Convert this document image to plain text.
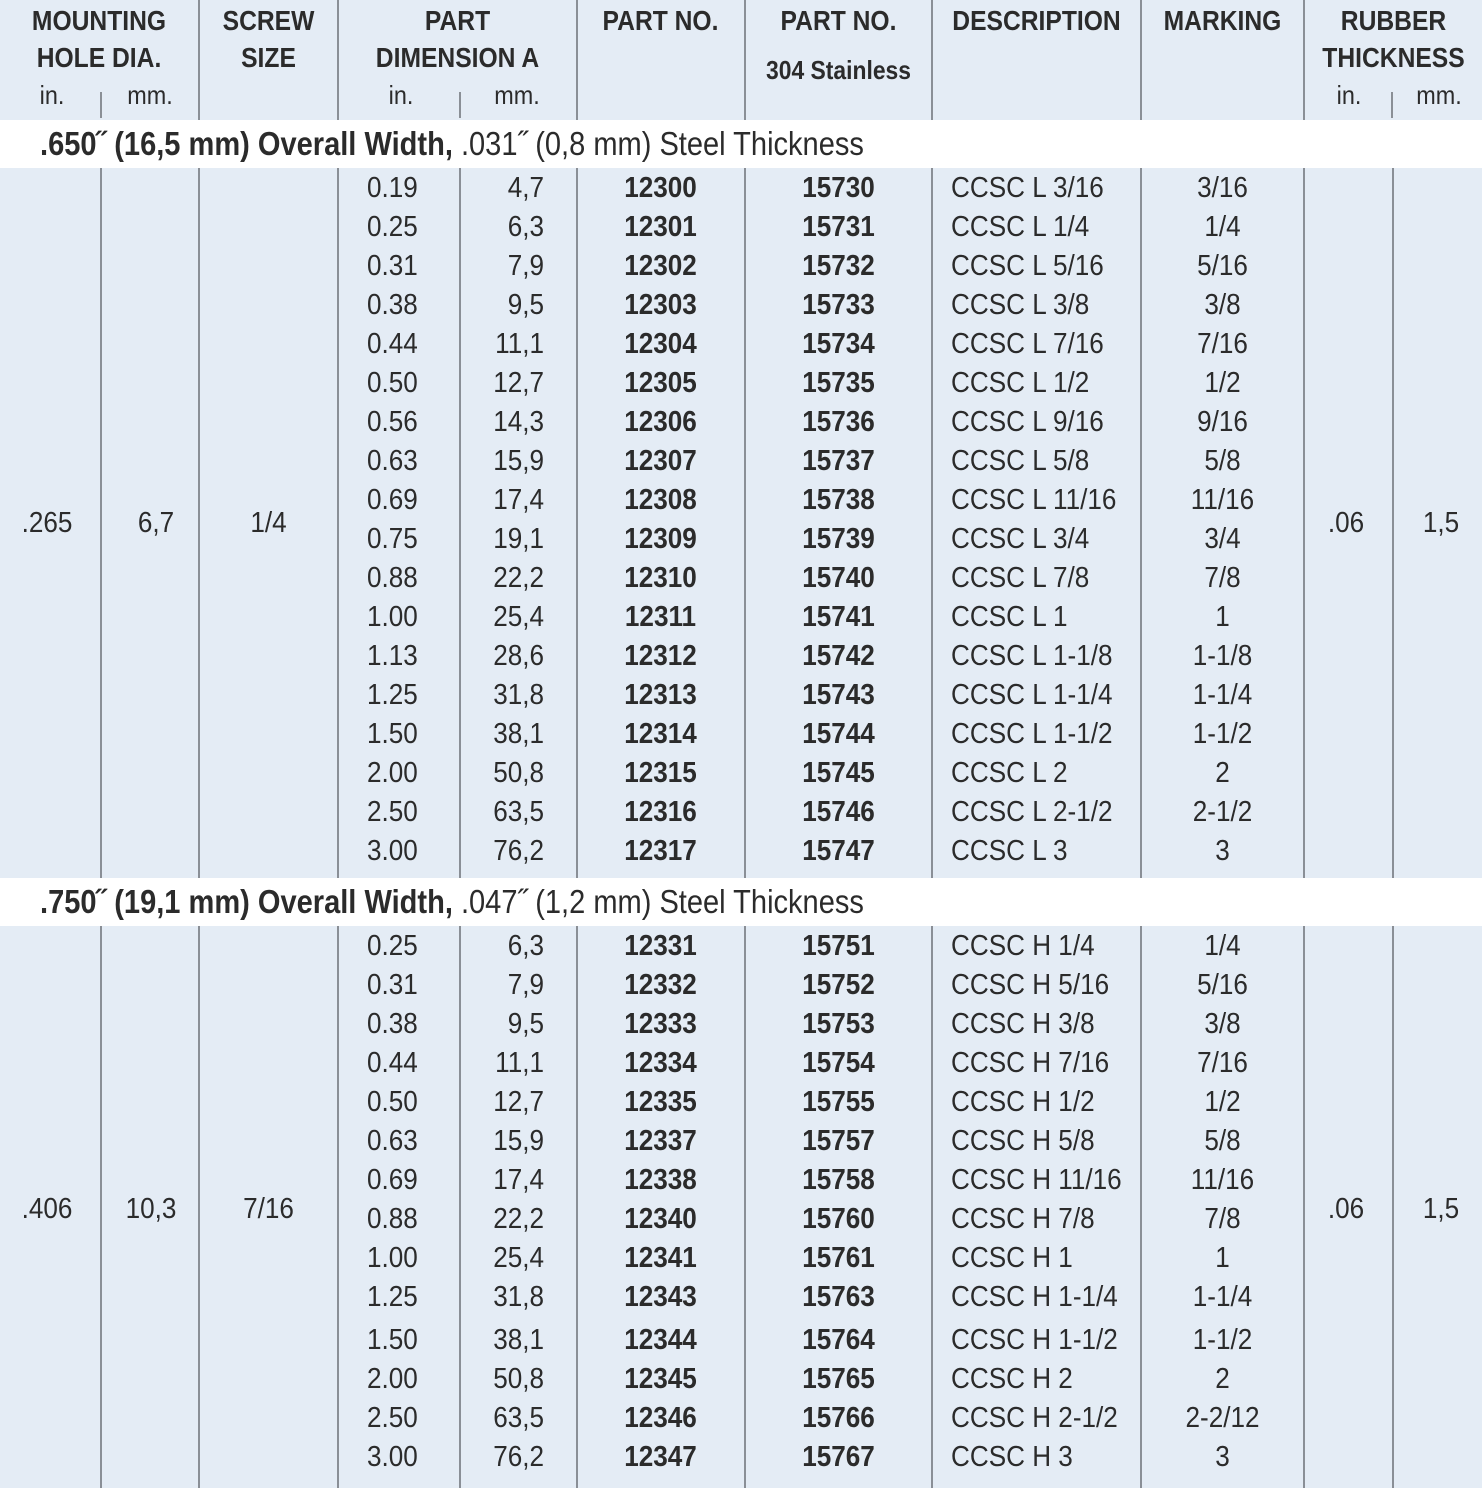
MOUNTING
HOLE DIA.
in.	mm.
SCREW
SIZE
PART
DIMENSION A
in.	mm.
PART NO.	PART NO.
304 Stainless
DESCRIPTION	MARKING	RUBBER
THICKNESS
in.	mm.
.650˝ (16,5 mm) Overall Width, .031˝ (0,8 mm) Steel Thickness
.265	6,7	1/4	.06	1,5
0.19	4,7	12300	15730	CCSC L 3/16	3/16
0.25	6,3	12301	15731	CCSC L 1/4	1/4
0.31	7,9	12302	15732	CCSC L 5/16	5/16
0.38	9,5	12303	15733	CCSC L 3/8	3/8
0.44	11,1	12304	15734	CCSC L 7/16	7/16
0.50	12,7	12305	15735	CCSC L 1/2	1/2
0.56	14,3	12306	15736	CCSC L 9/16	9/16
0.63	15,9	12307	15737	CCSC L 5/8	5/8
0.69	17,4	12308	15738	CCSC L 11/16	11/16
0.75	19,1	12309	15739	CCSC L 3/4	3/4
0.88	22,2	12310	15740	CCSC L 7/8	7/8
1.00	25,4	12311	15741	CCSC L 1	1
1.13	28,6	12312	15742	CCSC L 1-1/8	1-1/8
1.25	31,8	12313	15743	CCSC L 1-1/4	1-1/4
1.50	38,1	12314	15744	CCSC L 1-1/2	1-1/2
2.00	50,8	12315	15745	CCSC L 2	2
2.50	63,5	12316	15746	CCSC L 2-1/2	2-1/2
3.00	76,2	12317	15747	CCSC L 3	3
.750˝ (19,1 mm) Overall Width, .047˝ (1,2 mm) Steel Thickness
.406	10,3	7/16	.06	1,5
0.25	6,3	12331	15751	CCSC H 1/4	1/4
0.31	7,9	12332	15752	CCSC H 5/16	5/16
0.38	9,5	12333	15753	CCSC H 3/8	3/8
0.44	11,1	12334	15754	CCSC H 7/16	7/16
0.50	12,7	12335	15755	CCSC H 1/2	1/2
0.63	15,9	12337	15757	CCSC H 5/8	5/8
0.69	17,4	12338	15758	CCSC H 11/16	11/16
0.88	22,2	12340	15760	CCSC H 7/8	7/8
1.00	25,4	12341	15761	CCSC H 1	1
1.25	31,8	12343	15763	CCSC H 1-1/4	1-1/4
1.50	38,1	12344	15764	CCSC H 1-1/2	1-1/2
2.00	50,8	12345	15765	CCSC H 2	2
2.50	63,5	12346	15766	CCSC H 2-1/2	2-2/12
3.00	76,2	12347	15767	CCSC H 3	3
